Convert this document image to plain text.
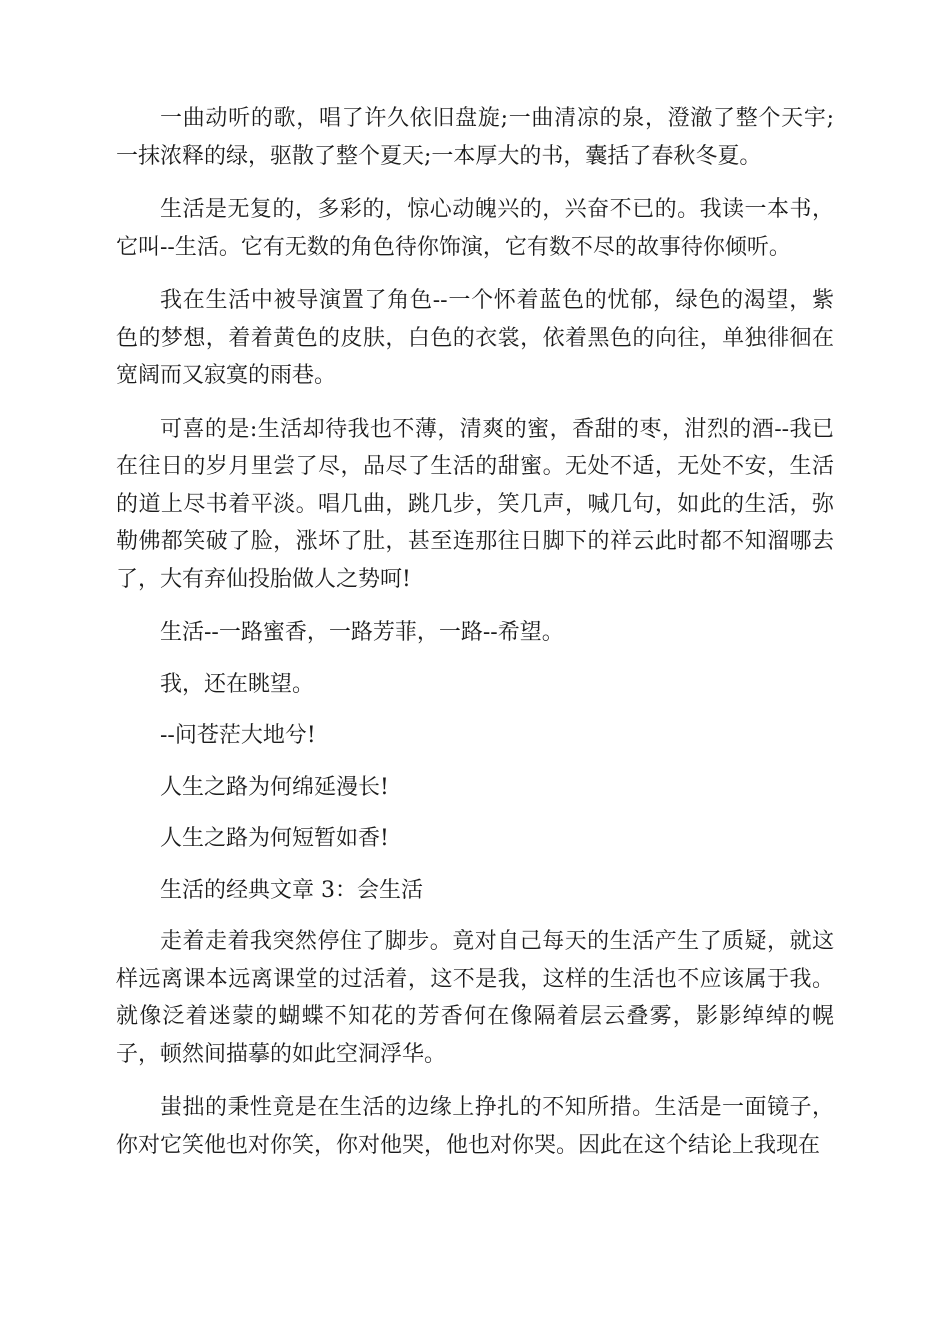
一曲动听的歌，唱了许久依旧盘旋;一曲清凉的泉，澄澈了整个天宇;一抹浓释的绿，驱散了整个夏天;一本厚大的书，囊括了春秋冬夏。

生活是无复的，多彩的，惊心动魄兴的，兴奋不已的。我读一本书，它叫--生活。它有无数的角色待你饰演，它有数不尽的故事待你倾听。

我在生活中被导演置了角色--一个怀着蓝色的忧郁，绿色的渴望，紫色的梦想，着着黄色的皮肤，白色的衣裳，依着黑色的向往，单独徘徊在宽阔而又寂寞的雨巷。

可喜的是:生活却待我也不薄，清爽的蜜，香甜的枣，泔烈的酒--我已在往日的岁月里尝了尽，品尽了生活的甜蜜。无处不适，无处不安，生活的道上尽书着平淡。唱几曲，跳几步，笑几声，喊几句，如此的生活，弥勒佛都笑破了脸，涨坏了肚，甚至连那往日脚下的祥云此时都不知溜哪去了，大有弃仙投胎做人之势呵!

生活--一路蜜香，一路芳菲，一路--希望。

我，还在眺望。

--问苍茫大地兮!

人生之路为何绵延漫长!

人生之路为何短暂如香!

生活的经典文章 3：会生活

走着走着我突然停住了脚步。竟对自己每天的生活产生了质疑，就这样远离课本远离课堂的过活着，这不是我，这样的生活也不应该属于我。就像泛着迷蒙的蝴蝶不知花的芳香何在像隔着层云叠雾，影影绰绰的幌子，顿然间描摹的如此空洞浮华。

蚩拙的秉性竟是在生活的边缘上挣扎的不知所措。生活是一面镜子，你对它笑他也对你笑，你对他哭，他也对你哭。因此在这个结论上我现在
